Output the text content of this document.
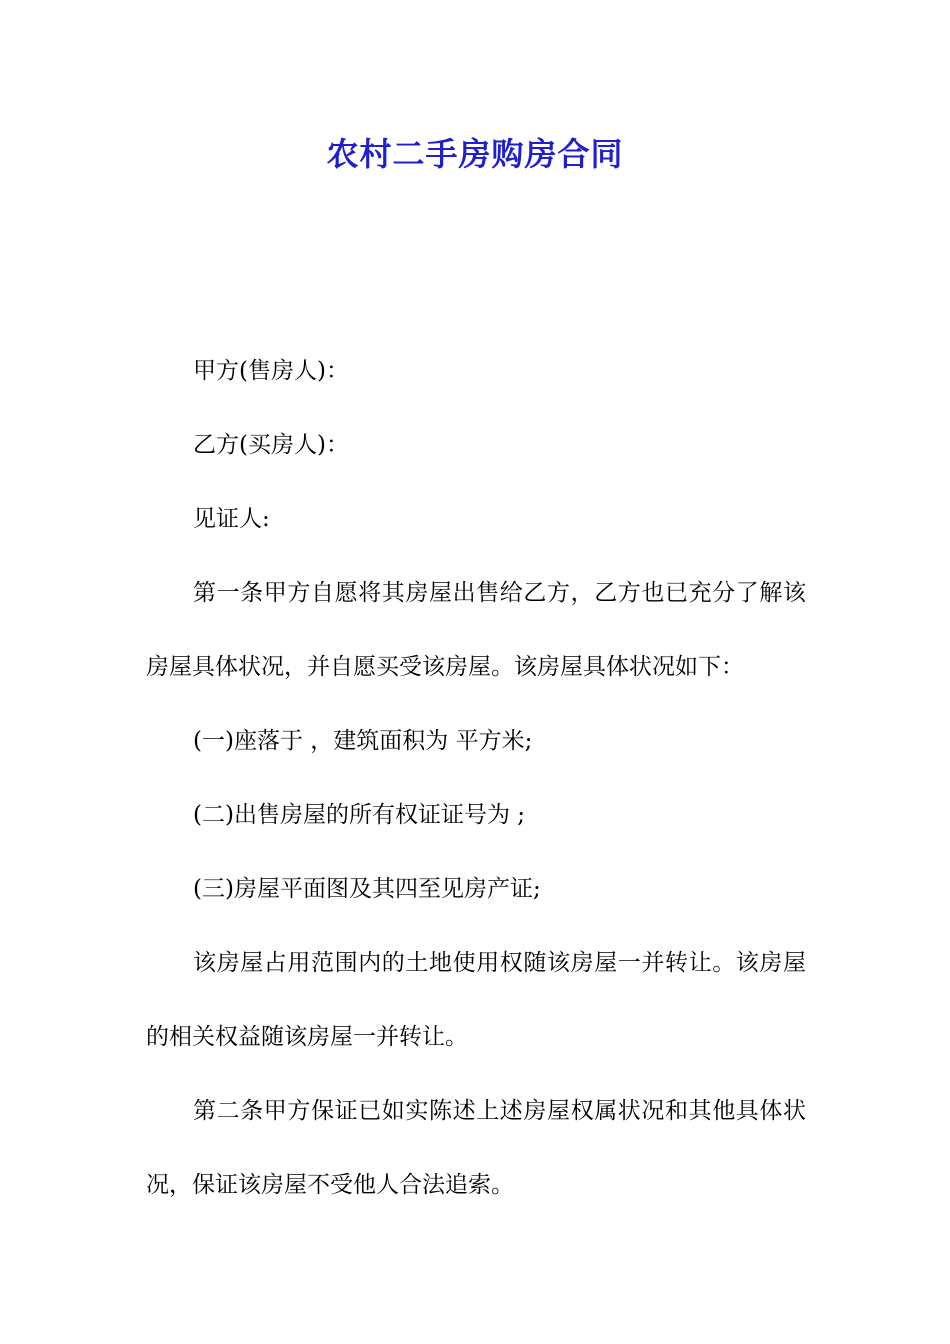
农村二手房购房合同

甲方(售房人)：

乙方(买房人)：

见证人:

第一条甲方自愿将其房屋出售给乙方，乙方也已充分了解该房屋具体状况，并自愿买受该房屋。该房屋具体状况如下：

(一)座落于 ，建筑面积为 平方米;

(二)出售房屋的所有权证证号为 ;

(三)房屋平面图及其四至见房产证;

该房屋占用范围内的土地使用权随该房屋一并转让。该房屋的相关权益随该房屋一并转让。

第二条甲方保证已如实陈述上述房屋权属状况和其他具体状况，保证该房屋不受他人合法追索。
